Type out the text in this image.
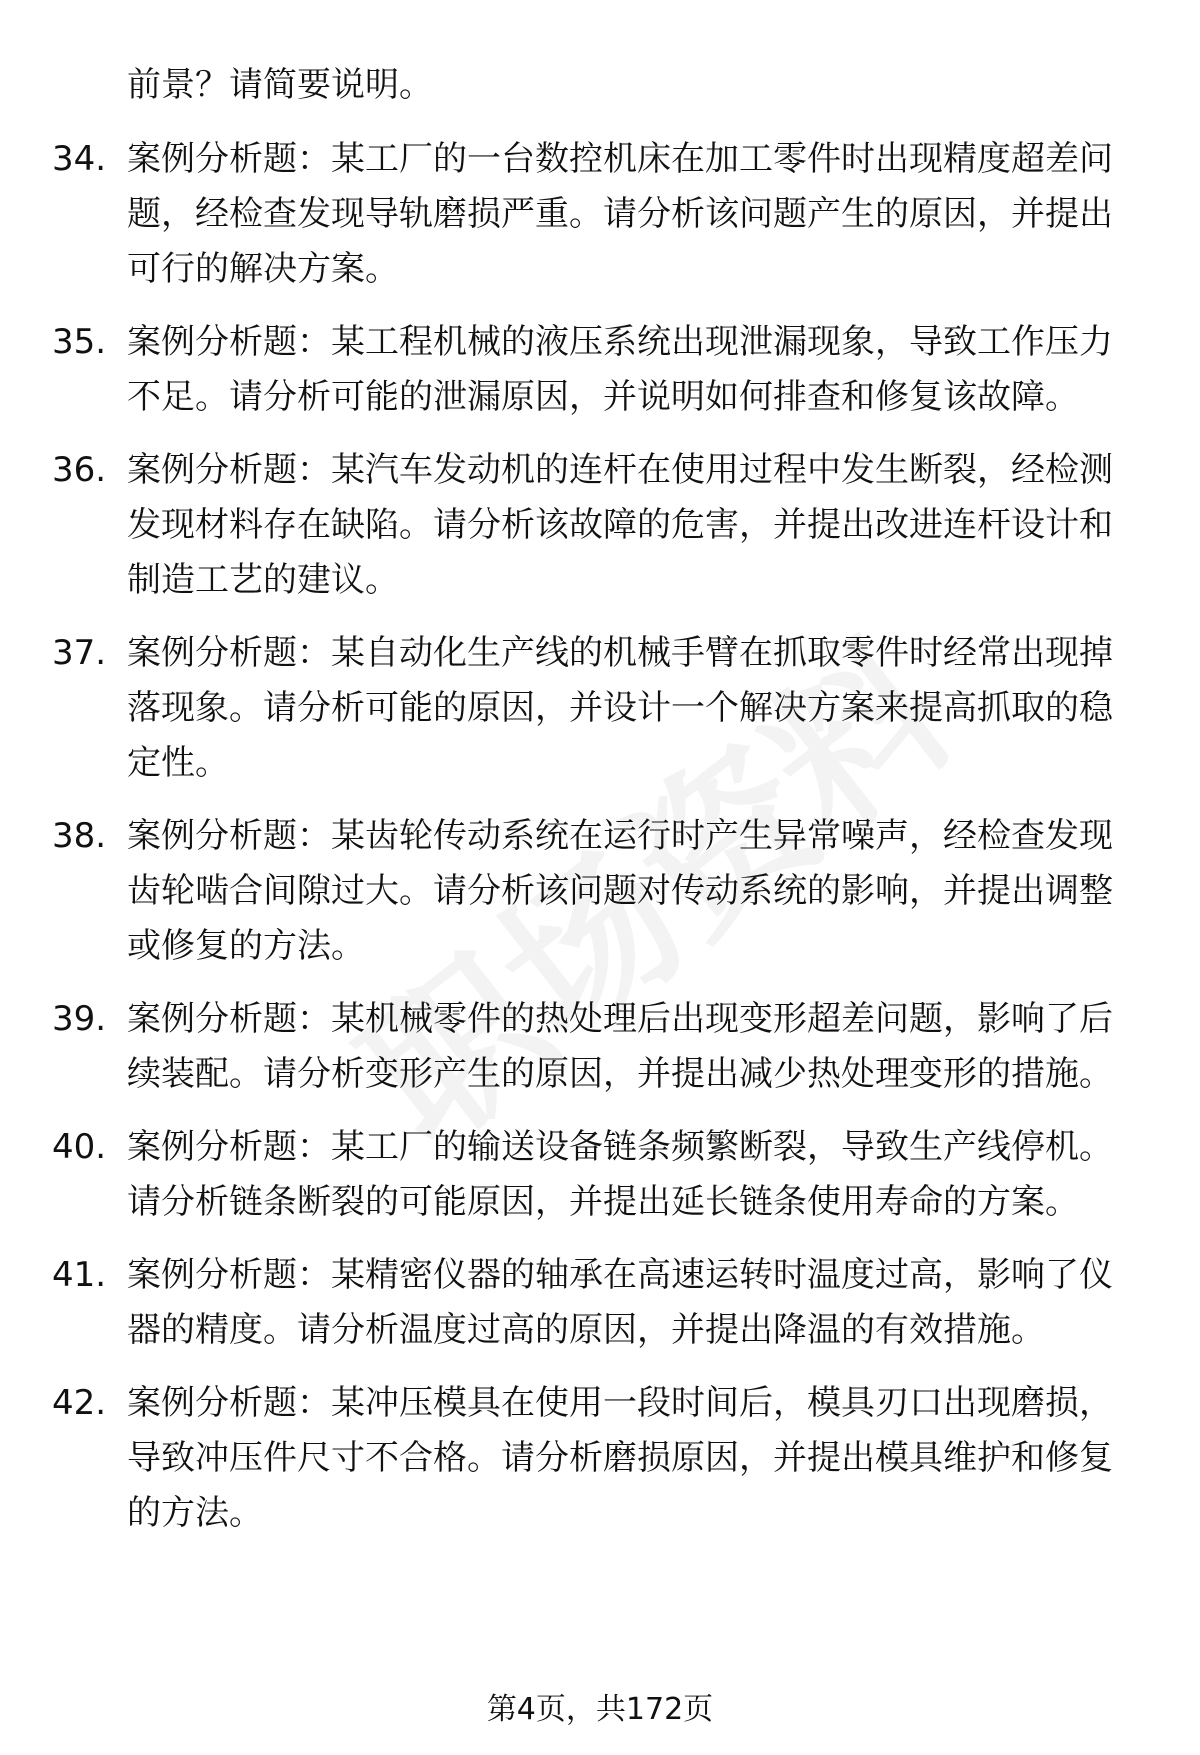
前景？请简要说明。
34. 案例分析题：某工厂的一台数控机床在加工零件时出现精度超差问题，经检查发现导轨磨损严重。请分析该问题产生的原因，并提出可行的解决方案。
35. 案例分析题：某工程机械的液压系统出现泄漏现象，导致工作压力不足。请分析可能的泄漏原因，并说明如何排查和修复该故障。
36. 案例分析题：某汽车发动机的连杆在使用过程中发生断裂，经检测发现材料存在缺陷。请分析该故障的危害，并提出改进连杆设计和制造工艺的建议。
37. 案例分析题：某自动化生产线的机械手臂在抓取零件时经常出现掉落现象。请分析可能的原因，并设计一个解决方案来提高抓取的稳定性。
38. 案例分析题：某齿轮传动系统在运行时产生异常噪声，经检查发现齿轮啮合间隙过大。请分析该问题对传动系统的影响，并提出调整或修复的方法。
39. 案例分析题：某机械零件的热处理后出现变形超差问题，影响了后续装配。请分析变形产生的原因，并提出减少热处理变形的措施。
40. 案例分析题：某工厂的输送设备链条频繁断裂，导致生产线停机。请分析链条断裂的可能原因，并提出延长链条使用寿命的方案。
41. 案例分析题：某精密仪器的轴承在高速运转时温度过高，影响了仪器的精度。请分析温度过高的原因，并提出降温的有效措施。
42. 案例分析题：某冲压模具在使用一段时间后，模具刃口出现磨损，导致冲压件尺寸不合格。请分析磨损原因，并提出模具维护和修复的方法。
第4页，共172页
